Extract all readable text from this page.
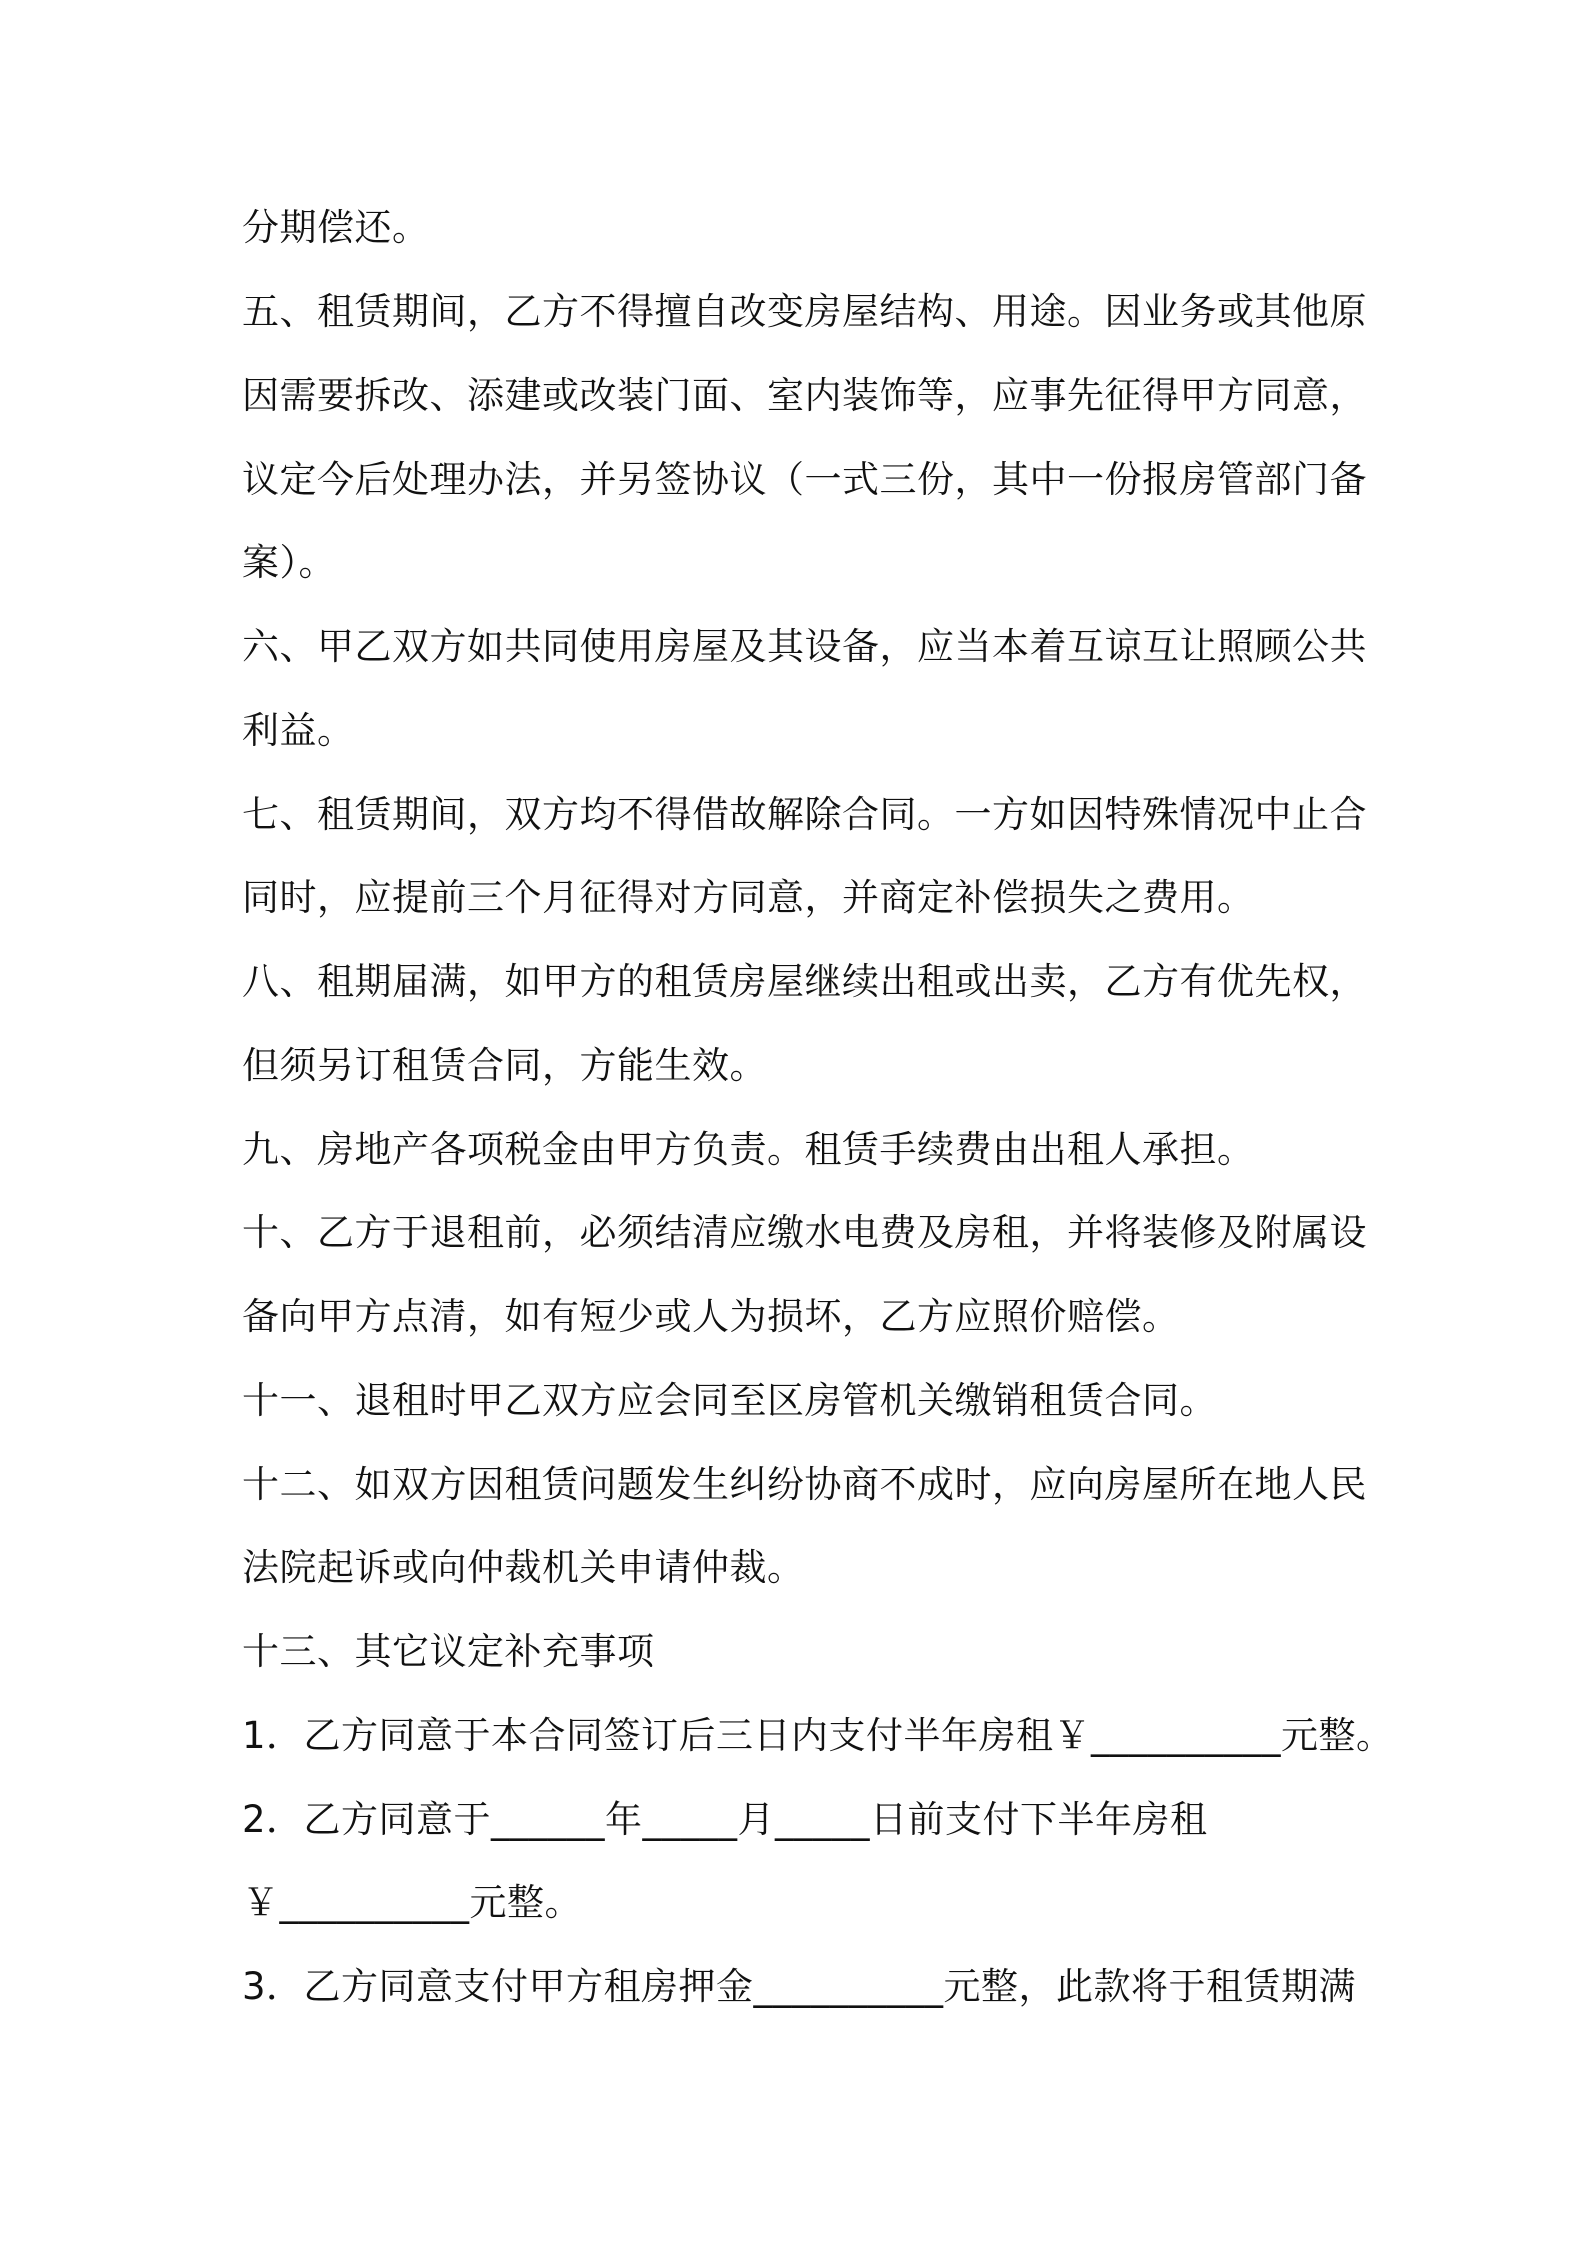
分期偿还。

五、租赁期间，乙方不得擅自改变房屋结构、用途。因业务或其他原

因需要拆改、添建或改装门面、室内装饰等，应事先征得甲方同意，

议定今后处理办法，并另签协议（一式三份，其中一份报房管部门备

案）。

六、甲乙双方如共同使用房屋及其设备，应当本着互谅互让照顾公共

利益。

七、租赁期间，双方均不得借故解除合同。一方如因特殊情况中止合

同时，应提前三个月征得对方同意，并商定补偿损失之费用。

八、租期届满，如甲方的租赁房屋继续出租或出卖，乙方有优先权，

但须另订租赁合同，方能生效。

九、房地产各项税金由甲方负责。租赁手续费由出租人承担。

十、乙方于退租前，必须结清应缴水电费及房租，并将装修及附属设

备向甲方点清，如有短少或人为损坏，乙方应照价赔偿。

十一、退租时甲乙双方应会同至区房管机关缴销租赁合同。

十二、如双方因租赁问题发生纠纷协商不成时，应向房屋所在地人民

法院起诉或向仲裁机关申请仲裁。

十三、其它议定补充事项

1．乙方同意于本合同签订后三日内支付半年房租￥__________元整。

2．乙方同意于______年_____月_____日前支付下半年房租

￥__________元整。

3．乙方同意支付甲方租房押金__________元整，此款将于租赁期满
